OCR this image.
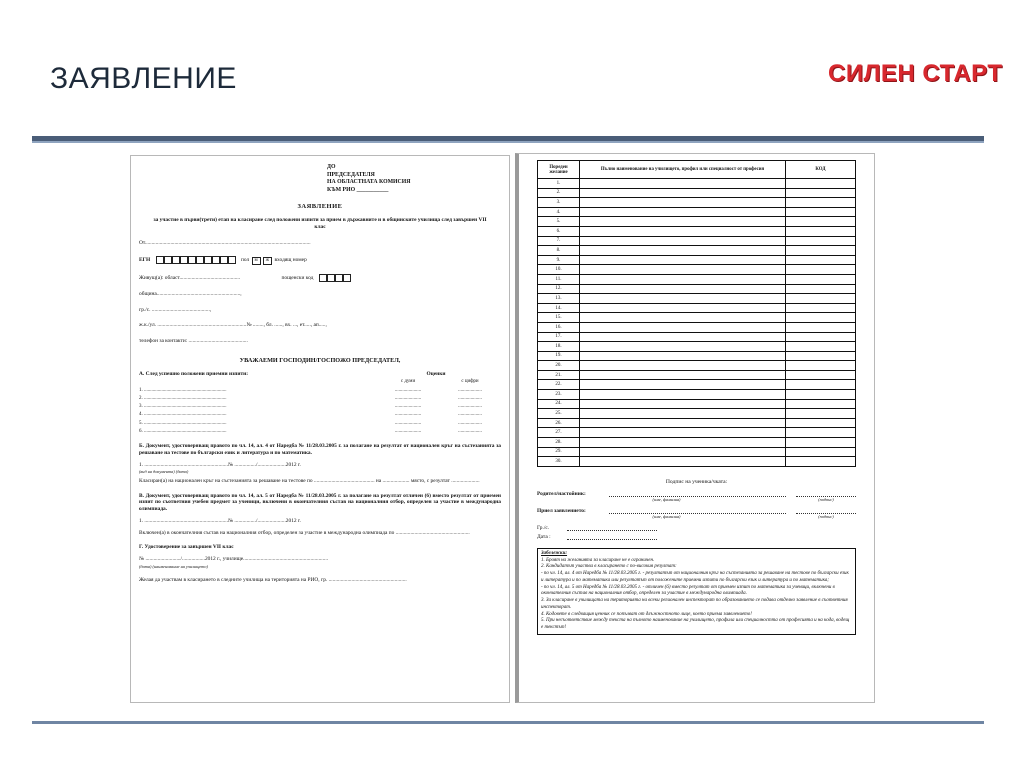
ЗАЯВЛЕНИЕ	СИЛЕН СТАРТ
ДО
ПРЕДСЕДАТЕЛЯ
НА ОБЛАСТНАТА КОМИСИЯ
КЪМ РИО ___________
ЗАЯВЛЕНИЕ
за участие в първи(трети) етап на класиране след положени изпити за прием в държавните и в общинските училища след завършен VII клас
От...........................................................................................................................
ЕГН	пол м ж входящ номер
Живущ(а): област.............................................	пощенски код
община..............................................................,
гр./с. ...........................................,
ж.к./ул. ..................................................................№ ........, бл. ......, вх. ..., ет....., ап.....,
телефон за контакти: ............................................
УВАЖАЕМИ ГОСПОДИН/ГОСПОЖО ПРЕДСЕДАТЕЛ,
А. След успешно положени приемни изпити:	Оценки
с думи	с цифри
1. ..................................................................	.....................	...................
2. ..................................................................	.....................	...................
3. ..................................................................	.....................	...................
4. ..................................................................	.....................	...................
5. ..................................................................	.....................	...................
6. ..................................................................	.....................	...................
Б. Документ, удостоверяващ правото по чл. 14, ал. 4 от Наредба № 11/28.03.2005 г. за полагане на резултат от национален кръг на състезанията за решаване на тестове по български език и литература и по математика.
1. ..............................................................№ ................/.....................2012 г.
(вид на документа) (дата)
Класиран(а) на национален кръг на състезанията за решаване на тестове по ............................................. на .................... място, с резултат .....................
В. Документ, удостоверяващ правото по чл. 14, ал. 5 от Наредба № 11/28.03.2005 г. за полагане на резултат отличен (6) вместо резултат от приемен изпит по съответния учебен предмет за ученици, включени в окончателния състав на националния отбор, определен за участие в международна олимпиада.
1. ..............................................................№ ................/.....................2012 г.
Включен(а) в окончателния състав на националния отбор, определен за участие в международна олимпиада по .......................................................
Г. Удостоверение за завършен VII клас
№ ........................../.................2012 г., училище...............................................................
(дата) (наименование на училището)
Желая да участвам в класирането в следните училища на територията на РИО, гр. ..........................................................
Пореден желание	Пълно наименование на училището, профил или специалност от професия	КОД
1.		
2.		
3.		
4.		
5.		
6.		
7.		
8.		
9.		
10.		
11.		
12.		
13.		
14.		
15.		
16.		
17.		
18.		
19.		
20.		
21.		
22.		
23.		
24.		
25.		
26.		
27.		
28.		
29.		
30.		
Подпис на ученика/чката:
Родител/настойник:
(име, фамилия)	(подпис)
Приел заявлението:
(име, фамилия)	(подпис)
Гр./с.
Дата :
Забележки:
1. Броят на желанията за класиране не е ограничен.
2. Кандидатът участва в класирането с по-високия резултат:
- по чл. 14, ал. 4 от Наредба № 11/28.03.2005 г. - резултатът от националния кръг на състезанията за решаване на тестове по български език и литература и по математика или резултатът от положените приемни изпити по български език и литература и по математика;
- по чл. 14, ал. 5 от Наредба № 11/28.03.2005 г. - отличен (6) вместо резултат от приемен изпит по математика за ученици, включени в окончателния състав на националния отбор, определен за участие в международна олимпиада.
3. За класиране в училищата на територията на всеки регионален инспекторат по образованието се подава отделно заявление в съответния инспекторат.
4. Кодовете в следващия ценник се попълват от длъжностното лице, което приема заявлението!
5. При несъответствие между текста на пълното наименование на училището, профила или специалността от професията и на кода, водещ е текстът!
